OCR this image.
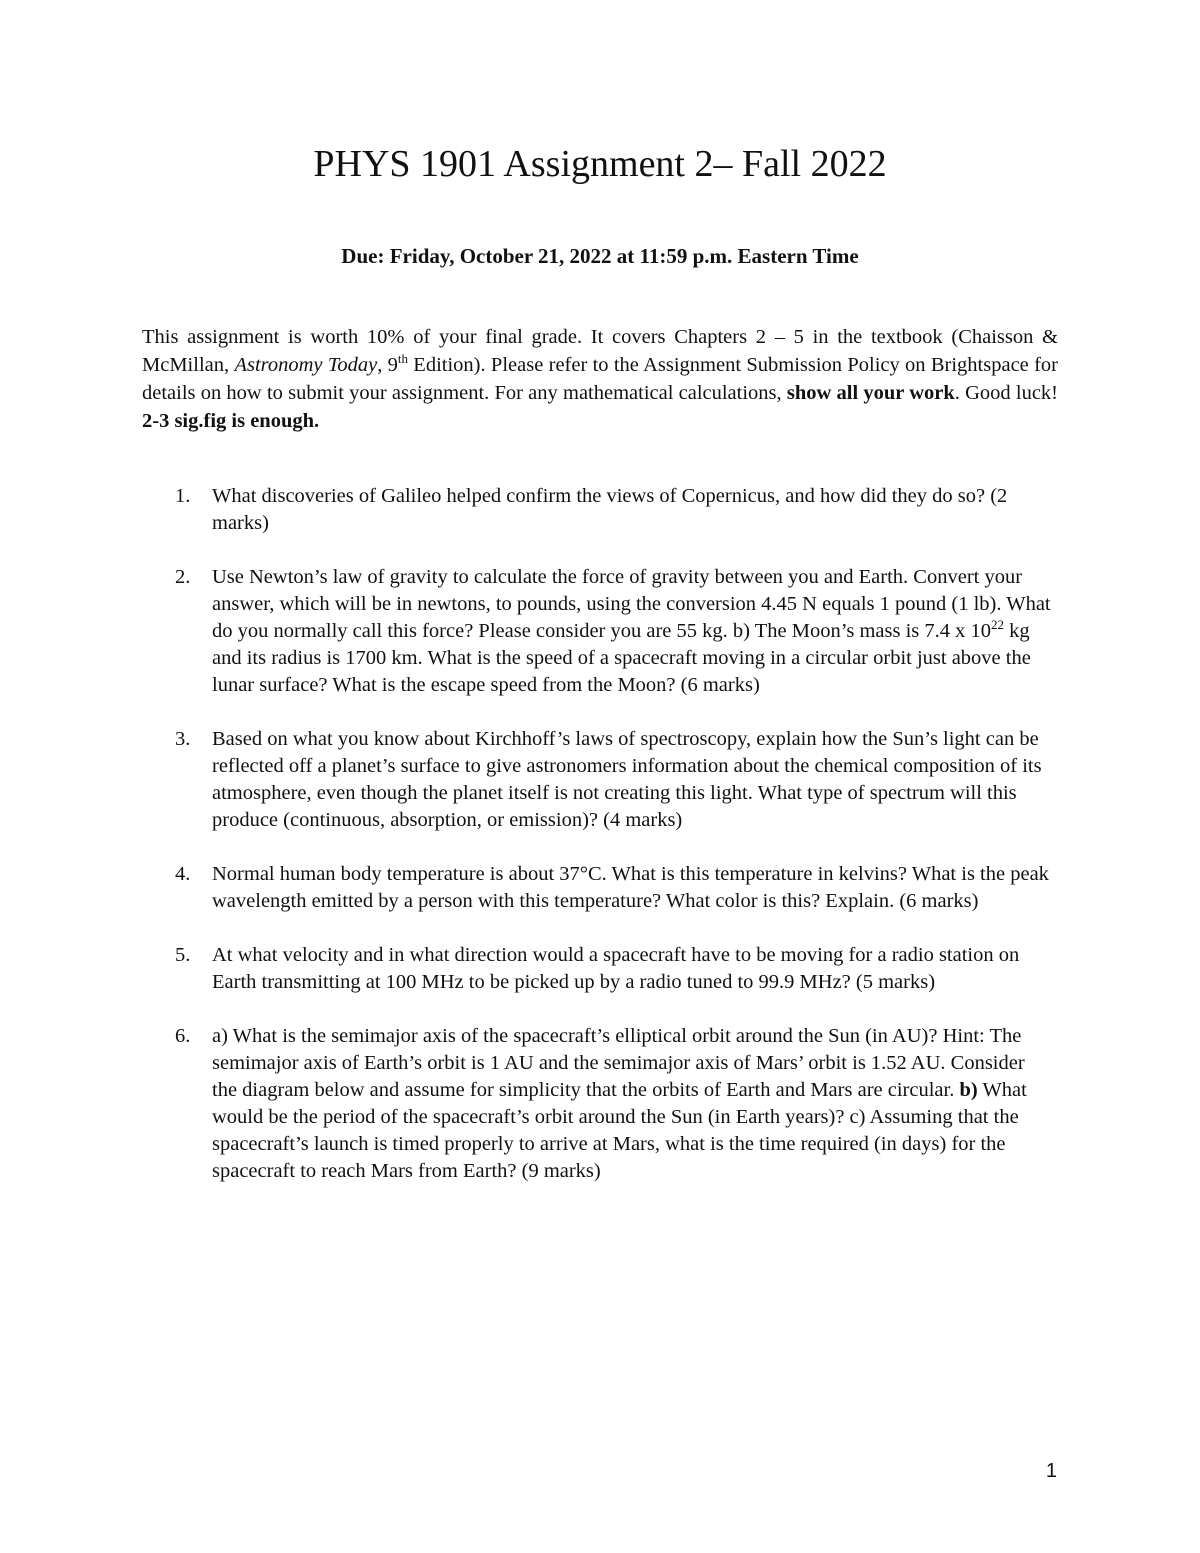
PHYS 1901 Assignment 2– Fall 2022
Due: Friday, October 21, 2022 at 11:59 p.m. Eastern Time

This assignment is worth 10% of your final grade. It covers Chapters 2 – 5 in the textbook (Chaisson & McMillan, Astronomy Today, 9th Edition). Please refer to the Assignment Submission Policy on Brightspace for details on how to submit your assignment. For any mathematical calculations, show all your work. Good luck! 2-3 sig.fig is enough.

1. What discoveries of Galileo helped confirm the views of Copernicus, and how did they do so? (2 marks)
2. Use Newton’s law of gravity to calculate the force of gravity between you and Earth. Convert your answer, which will be in newtons, to pounds, using the conversion 4.45 N equals 1 pound (1 lb). What do you normally call this force? Please consider you are 55 kg. b) The Moon’s mass is 7.4 x $10^{22}$ kg and its radius is 1700 km. What is the speed of a spacecraft moving in a circular orbit just above the lunar surface? What is the escape speed from the Moon? (6 marks)
3. Based on what you know about Kirchhoff’s laws of spectroscopy, explain how the Sun’s light can be reflected off a planet’s surface to give astronomers information about the chemical composition of its atmosphere, even though the planet itself is not creating this light. What type of spectrum will this produce (continuous, absorption, or emission)? (4 marks)
4. Normal human body temperature is about 37°C. What is this temperature in kelvins? What is the peak wavelength emitted by a person with this temperature? What color is this? Explain. (6 marks)
5. At what velocity and in what direction would a spacecraft have to be moving for a radio station on Earth transmitting at 100 MHz to be picked up by a radio tuned to 99.9 MHz? (5 marks)
6. a) What is the semimajor axis of the spacecraft’s elliptical orbit around the Sun (in AU)? Hint: The semimajor axis of Earth’s orbit is 1 AU and the semimajor axis of Mars’ orbit is 1.52 AU. Consider the diagram below and assume for simplicity that the orbits of Earth and Mars are circular. b) What would be the period of the spacecraft’s orbit around the Sun (in Earth years)? c) Assuming that the spacecraft’s launch is timed properly to arrive at Mars, what is the time required (in days) for the spacecraft to reach Mars from Earth? (9 marks)
1
